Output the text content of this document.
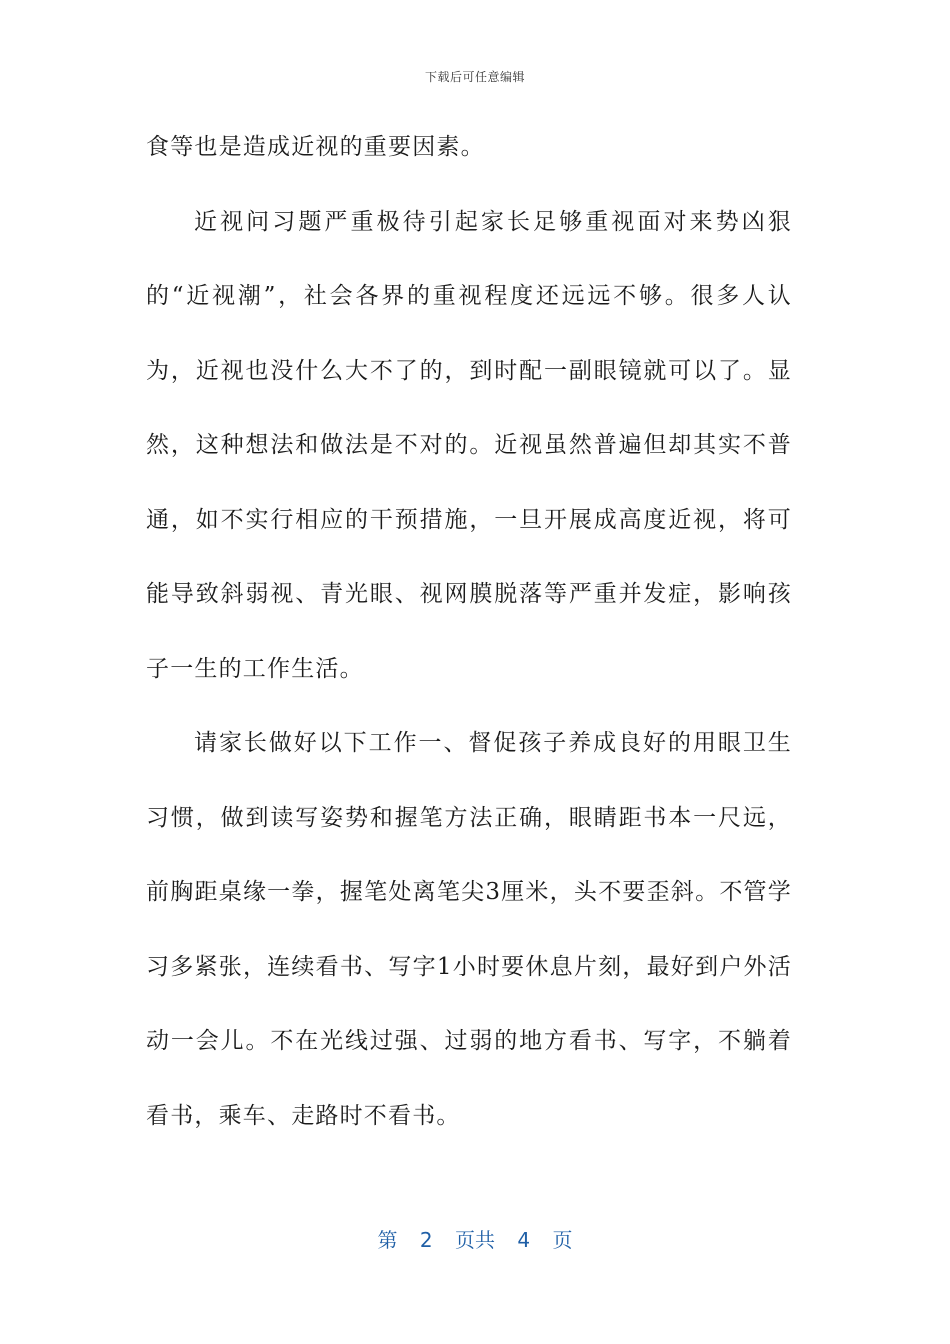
下载后可任意编辑

食等也是造成近视的重要因素。

近视问习题严重极待引起家长足够重视面对来势凶狠的“近视潮”，社会各界的重视程度还远远不够。很多人认为，近视也没什么大不了的，到时配一副眼镜就可以了。显然，这种想法和做法是不对的。近视虽然普遍但却其实不普通，如不实行相应的干预措施，一旦开展成高度近视，将可能导致斜弱视、青光眼、视网膜脱落等严重并发症，影响孩子一生的工作生活。

请家长做好以下工作一、督促孩子养成良好的用眼卫生习惯，做到读写姿势和握笔方法正确，眼睛距书本一尺远，前胸距桌缘一拳，握笔处离笔尖3厘米，头不要歪斜。不管学习多紧张，连续看书、写字1小时要休息片刻，最好到户外活动一会儿。不在光线过强、过弱的地方看书、写字，不躺着看书，乘车、走路时不看书。

第 2 页共 4 页
